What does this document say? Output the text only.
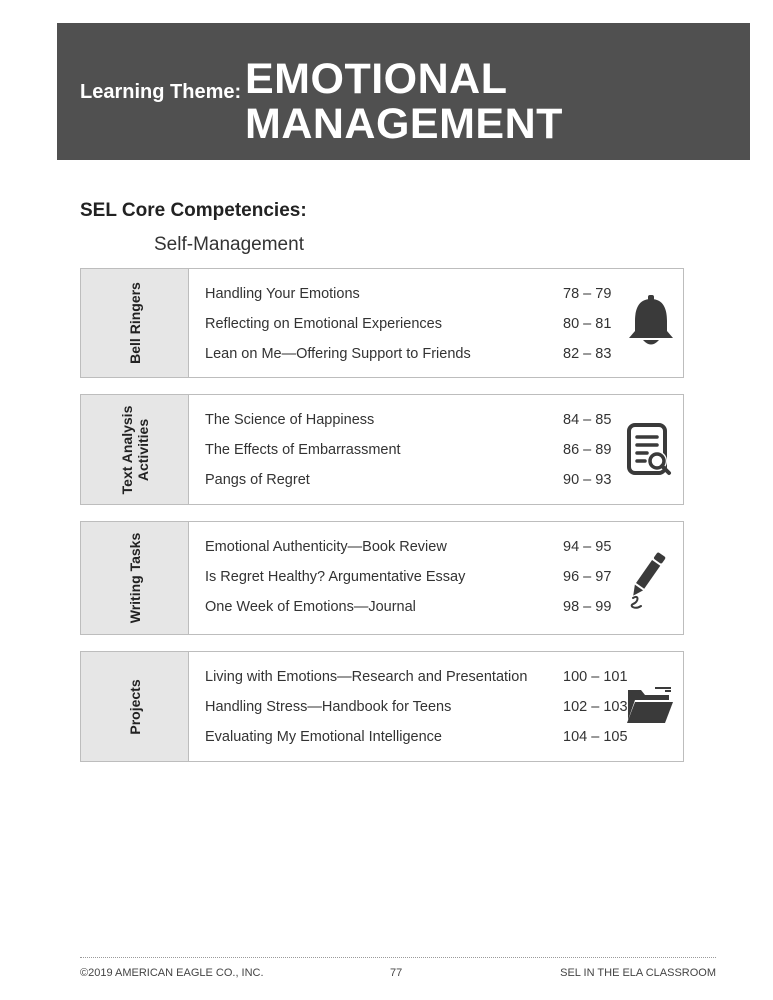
Learning Theme: EMOTIONAL
MANAGEMENT
SEL Core Competencies:
Self-Management
Bell Ringers	Handling Your Emotions	78 – 79
Reflecting on Emotional Experiences	80 – 81
Lean on Me—Offering Support to Friends	82 – 83
Text Analysis
Activities	The Science of Happiness	84 – 85
The Effects of Embarrassment	86 – 89
Pangs of Regret	90 – 93
Writing Tasks	Emotional Authenticity—Book Review	94 – 95
Is Regret Healthy? Argumentative Essay	96 – 97
One Week of Emotions—Journal	98 – 99
Projects
Living with Emotions—Research and Presentation 100 – 101
Handling Stress—Handbook for Teens	102 – 103
Evaluating My Emotional Intelligence	104 – 105
©2019 AMERICAN EAGLE CO., INC.	77	SEL IN THE ELA CLASSROOM
